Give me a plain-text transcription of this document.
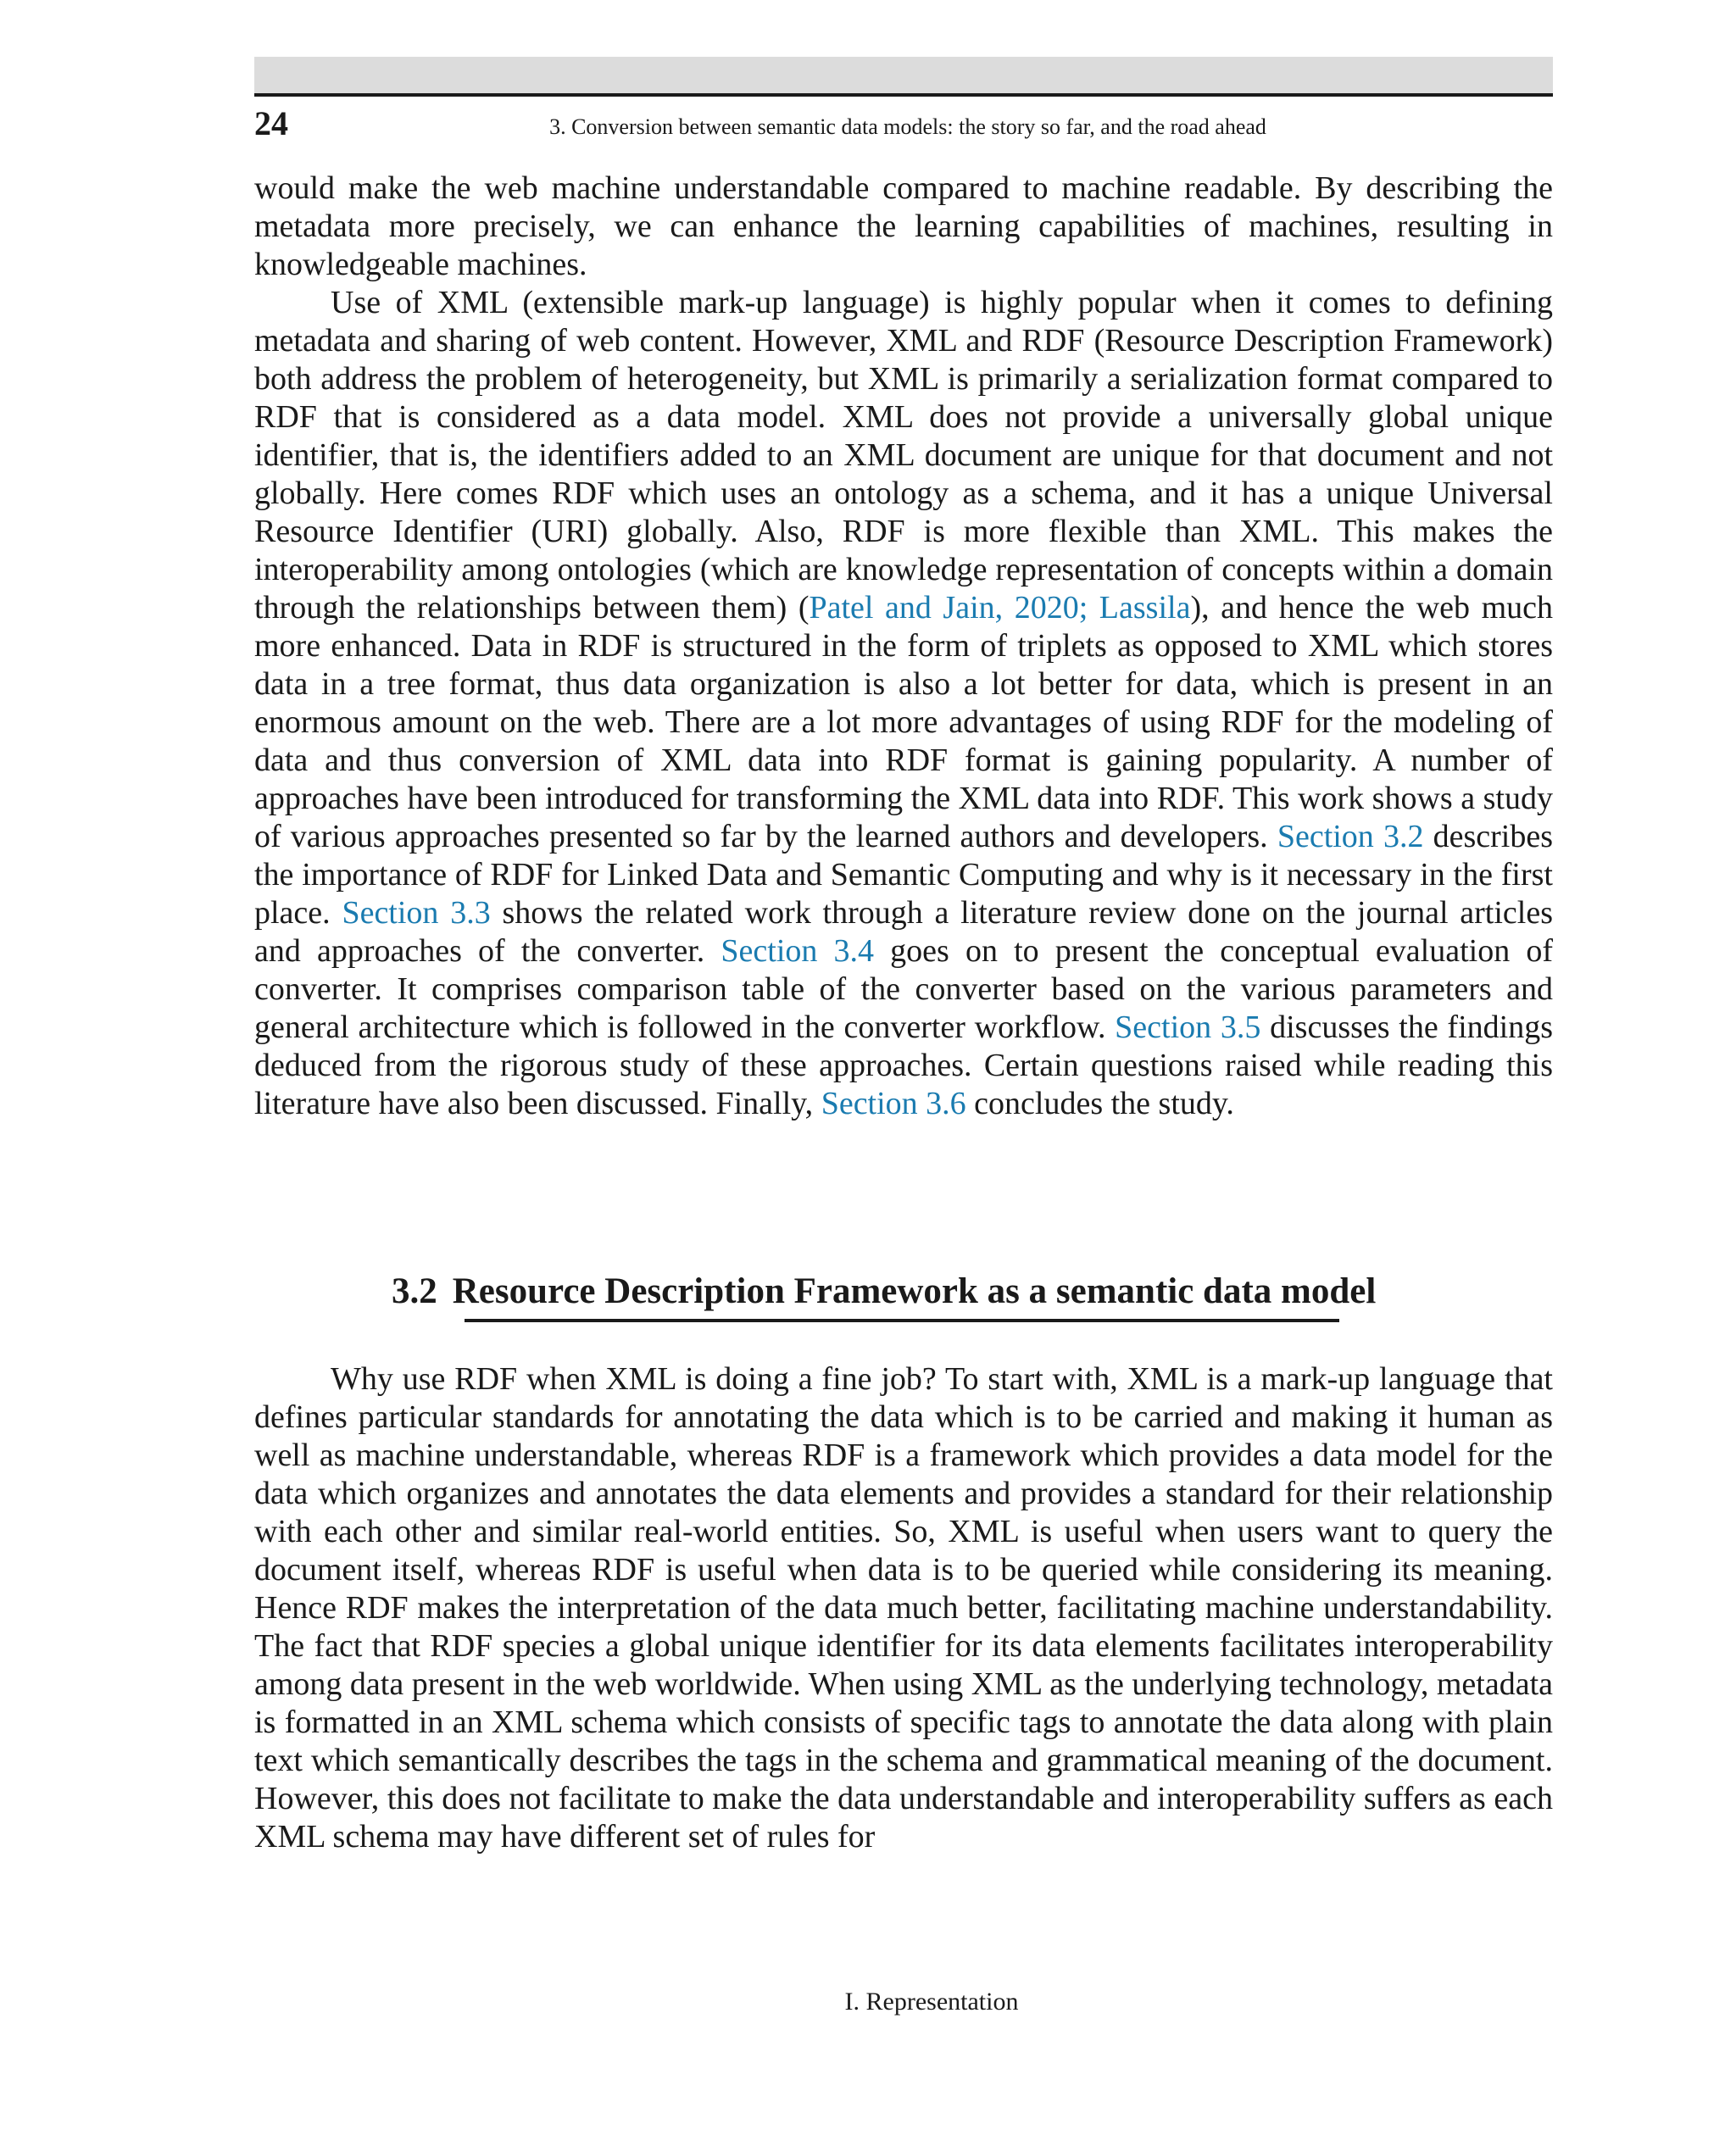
24	3. Conversion between semantic data models: the story so far, and the road ahead

would make the web machine understandable compared to machine readable. By describing the metadata more precisely, we can enhance the learning capabilities of machines, resulting in knowledgeable machines.

Use of XML (extensible mark-up language) is highly popular when it comes to defining metadata and sharing of web content. However, XML and RDF (Resource Description Framework) both address the problem of heterogeneity, but XML is primarily a serialization format compared to RDF that is considered as a data model. XML does not provide a universally global unique identifier, that is, the identifiers added to an XML document are unique for that document and not globally. Here comes RDF which uses an ontology as a schema, and it has a unique Universal Resource Identifier (URI) globally. Also, RDF is more flexible than XML. This makes the interoperability among ontologies (which are knowledge representation of concepts within a domain through the relationships between them) (Patel and Jain, 2020; Lassila), and hence the web much more enhanced. Data in RDF is structured in the form of triplets as opposed to XML which stores data in a tree format, thus data organization is also a lot better for data, which is present in an enormous amount on the web. There are a lot more advantages of using RDF for the modeling of data and thus conversion of XML data into RDF format is gaining popularity. A number of approaches have been introduced for transforming the XML data into RDF. This work shows a study of various approaches presented so far by the learned authors and developers. Section 3.2 describes the importance of RDF for Linked Data and Semantic Computing and why is it necessary in the first place. Section 3.3 shows the related work through a literature review done on the journal articles and approaches of the converter. Section 3.4 goes on to present the conceptual evaluation of converter. It comprises comparison table of the converter based on the various parameters and general architecture which is followed in the converter workflow. Section 3.5 discusses the findings deduced from the rigorous study of these approaches. Certain questions raised while reading this literature have also been discussed. Finally, Section 3.6 concludes the study.

3.2 Resource Description Framework as a semantic data model

Why use RDF when XML is doing a fine job? To start with, XML is a mark-up language that defines particular standards for annotating the data which is to be carried and making it human as well as machine understandable, whereas RDF is a framework which provides a data model for the data which organizes and annotates the data elements and provides a standard for their relationship with each other and similar real-world entities. So, XML is useful when users want to query the document itself, whereas RDF is useful when data is to be queried while considering its meaning. Hence RDF makes the interpretation of the data much better, facilitating machine understandability. The fact that RDF species a global unique identifier for its data elements facilitates interoperability among data present in the web worldwide. When using XML as the underlying technology, metadata is formatted in an XML schema which consists of specific tags to annotate the data along with plain text which semantically describes the tags in the schema and grammatical meaning of the document. However, this does not facilitate to make the data understandable and interoperability suffers as each XML schema may have different set of rules for

I. Representation
